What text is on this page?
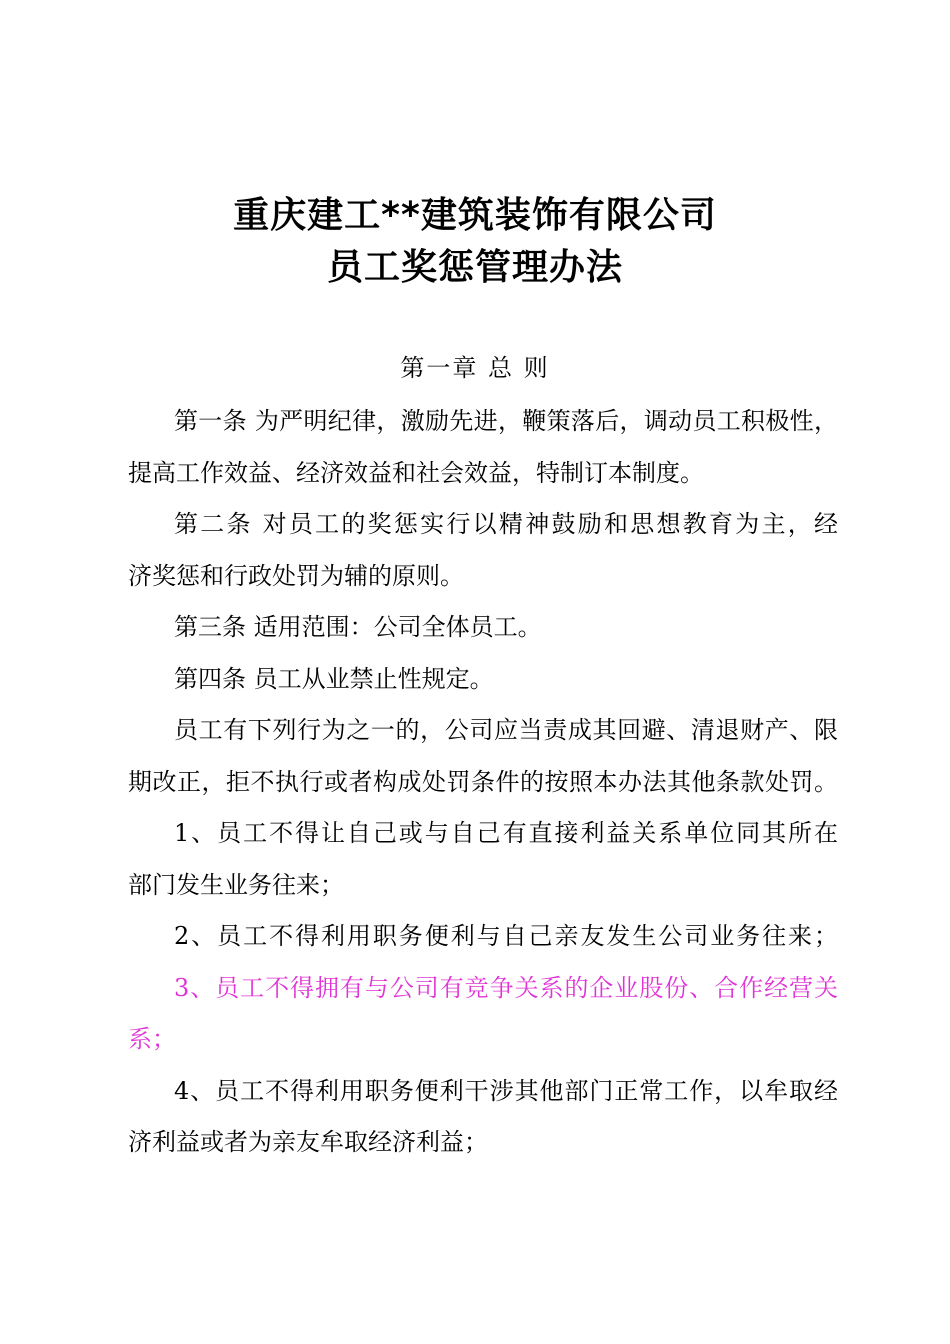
重庆建工**建筑装饰有限公司
员工奖惩管理办法
第一章 总 则
第一条 为严明纪律，激励先进，鞭策落后，调动员工积极性，
提高工作效益、经济效益和社会效益，特制订本制度。
第二条 对员工的奖惩实行以精神鼓励和思想教育为主，经
济奖惩和行政处罚为辅的原则。
第三条 适用范围：公司全体员工。
第四条 员工从业禁止性规定。
员工有下列行为之一的，公司应当责成其回避、清退财产、限
期改正，拒不执行或者构成处罚条件的按照本办法其他条款处罚。
1、员工不得让自己或与自己有直接利益关系单位同其所在
部门发生业务往来；
2、员工不得利用职务便利与自己亲友发生公司业务往来；
3、员工不得拥有与公司有竞争关系的企业股份、合作经营关
系；
4、员工不得利用职务便利干涉其他部门正常工作，以牟取经
济利益或者为亲友牟取经济利益；
